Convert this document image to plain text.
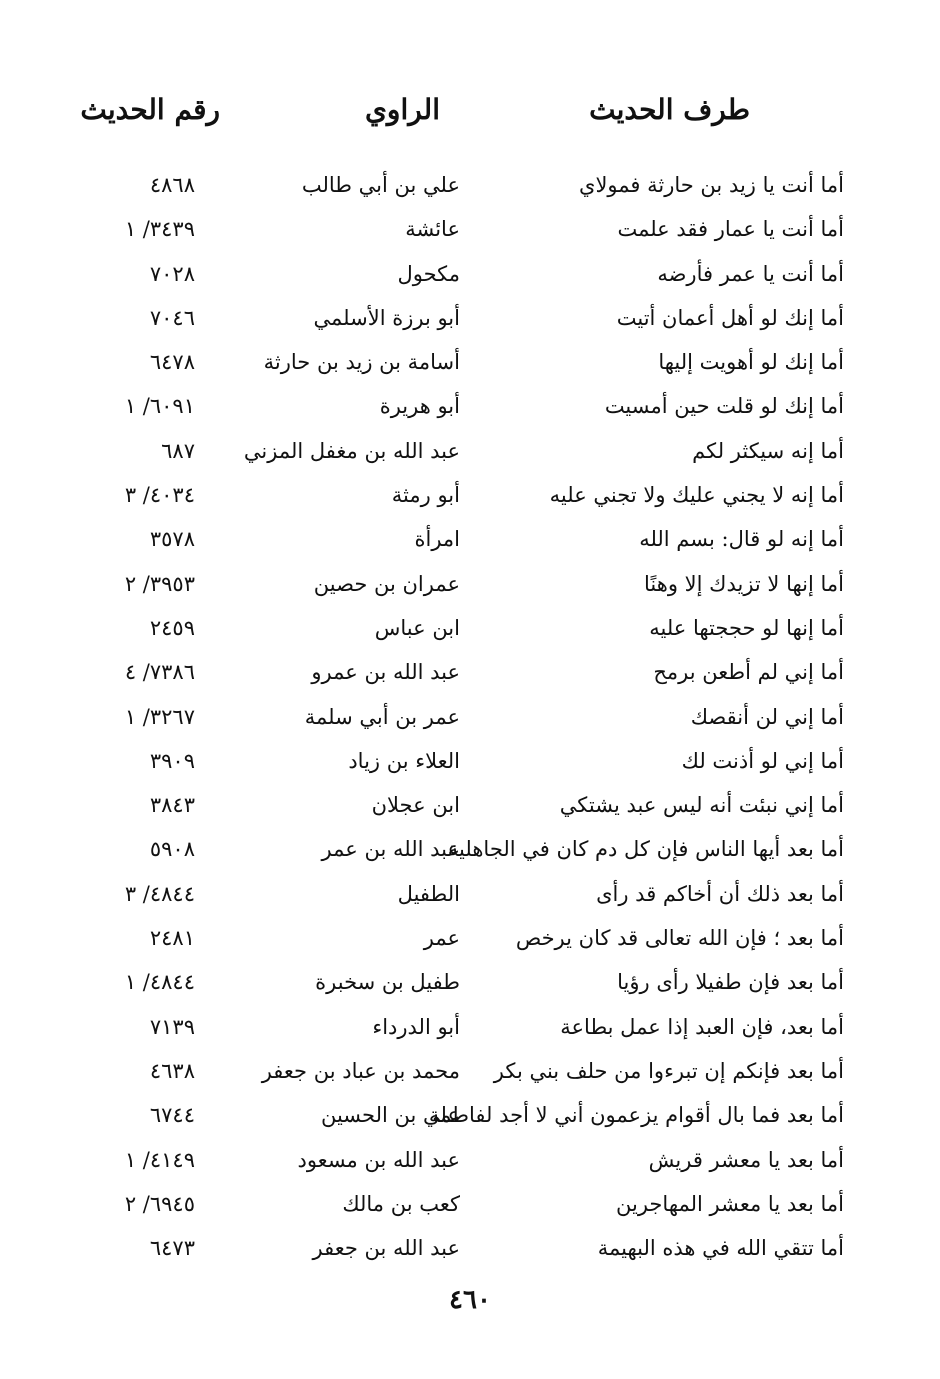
طرف الحديث
الراوي
رقم الحديث
أما أنت يا زيد بن حارثة فمولاي
علي بن أبي طالب
٤٨٦٨
أما أنت يا عمار فقد علمت
عائشة
٣٤٣٩/ ١
أما أنت يا عمر فأرضه
مكحول
٧٠٢٨
أما إنك لو أهل أعمان أتيت
أبو برزة الأسلمي
٧٠٤٦
أما إنك لو أهويت إليها
أسامة بن زيد بن حارثة
٦٤٧٨
أما إنك لو قلت حين أمسيت
أبو هريرة
٦٠٩١/ ١
أما إنه سيكثر لكم
عبد الله بن مغفل المزني
٦٨٧
أما إنه لا يجني عليك ولا تجني عليه
أبو رمثة
٤٠٣٤/ ٣
أما إنه لو قال: بسم الله
امرأة
٣٥٧٨
أما إنها لا تزيدك إلا وهنًا
عمران بن حصين
٣٩٥٣/ ٢
أما إنها لو حججتها عليه
ابن عباس
٢٤٥٩
أما إني لم أطعن برمح
عبد الله بن عمرو
٧٣٨٦/ ٤
أما إني لن أنقصك
عمر بن أبي سلمة
٣٢٦٧/ ١
أما إني لو أذنت لك
العلاء بن زياد
٣٩٠٩
أما إني نبئت أنه ليس عبد يشتكي
ابن عجلان
٣٨٤٣
أما بعد أيها الناس فإن كل دم كان في الجاهلية
عبد الله بن عمر
٥٩٠٨
أما بعد ذلك أن أخاكم قد رأى
الطفيل
٤٨٤٤/ ٣
أما بعد ؛ فإن الله تعالى قد كان يرخص
عمر
٢٤٨١
أما بعد فإن طفيلا رأى رؤيا
طفيل بن سخبرة
٤٨٤٤/ ١
أما بعد، فإن العبد إذا عمل بطاعة
أبو الدرداء
٧١٣٩
أما بعد فإنكم إن تبرءوا من حلف بني بكر
محمد بن عباد بن جعفر
٤٦٣٨
أما بعد فما بال أقوام يزعمون أني لا أجد لفاطمة
علي بن الحسين
٦٧٤٤
أما بعد يا معشر قريش
عبد الله بن مسعود
٤١٤٩/ ١
أما بعد يا معشر المهاجرين
كعب بن مالك
٦٩٤٥/ ٢
أما تتقي الله في هذه البهيمة
عبد الله بن جعفر
٦٤٧٣
٤٦٠
